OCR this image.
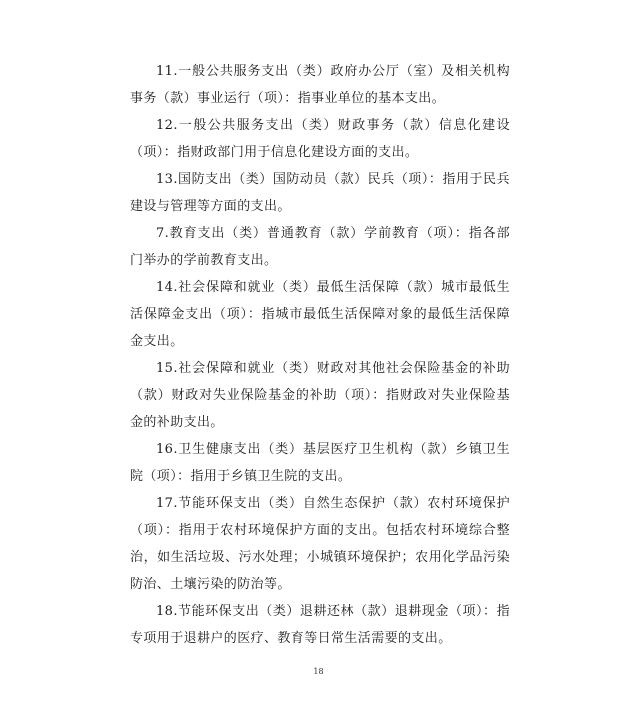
11.一般公共服务支出（类）政府办公厅（室）及相关机构事务（款）事业运行（项）：指事业单位的基本支出。

12.一般公共服务支出（类）财政事务（款）信息化建设（项）：指财政部门用于信息化建设方面的支出。

13.国防支出（类）国防动员（款）民兵（项）：指用于民兵建设与管理等方面的支出。

7.教育支出（类）普通教育（款）学前教育（项）：指各部门举办的学前教育支出。

14.社会保障和就业（类）最低生活保障（款）城市最低生活保障金支出（项）：指城市最低生活保障对象的最低生活保障金支出。

15.社会保障和就业（类）财政对其他社会保险基金的补助（款）财政对失业保险基金的补助（项）：指财政对失业保险基金的补助支出。

16.卫生健康支出（类）基层医疗卫生机构（款）乡镇卫生院（项）：指用于乡镇卫生院的支出。

17.节能环保支出（类）自然生态保护（款）农村环境保护（项）：指用于农村环境保护方面的支出。包括农村环境综合整治，如生活垃圾、污水处理；小城镇环境保护；农用化学品污染防治、土壤污染的防治等。

18.节能环保支出（类）退耕还林（款）退耕现金（项）：指专项用于退耕户的医疗、教育等日常生活需要的支出。

18
